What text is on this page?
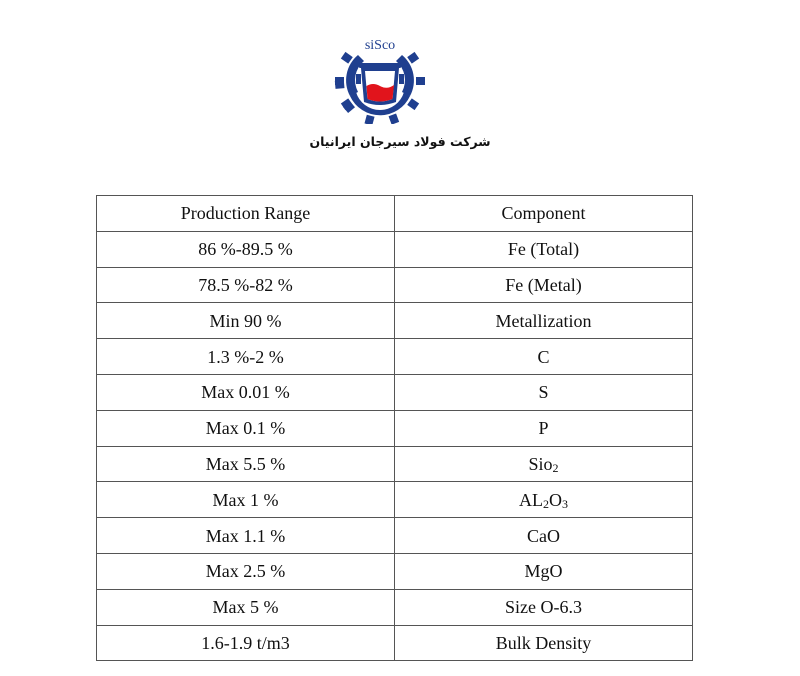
siSco
شرکت فولاد سیرجان ایرانیان
Production Range	Component
86 %-89.5 %	Fe (Total)
78.5 %-82 %	Fe (Metal)
Min 90 %	Metallization
1.3 %-2 %	C
Max 0.01 %	S
Max 0.1 %	P
Max 5.5 %	Sio$_2$
Max 1 %	$AL_2O_3$
Max 1.1 %	CaO
Max 2.5 %	MgO
Max 5 %	Size O-6.3
1.6-1.9 t/m3	Bulk Density
